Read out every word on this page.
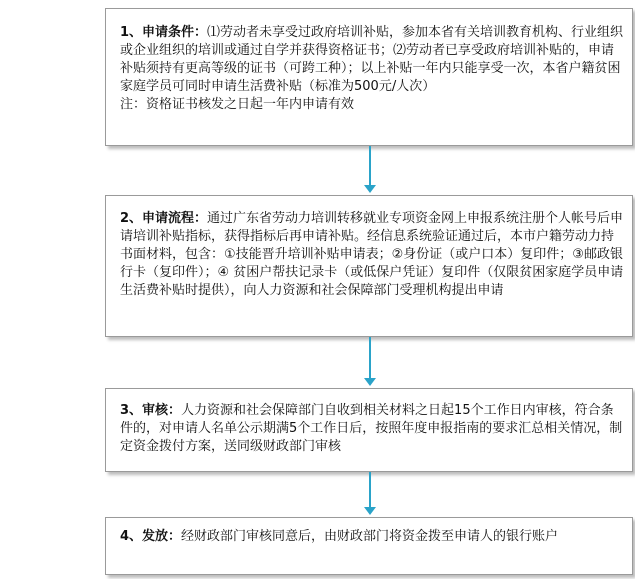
1、申请条件：⑴劳动者未享受过政府培训补贴，参加本省有关培训教育机构、行业组织或企业组织的培训或通过自学并获得资格证书；⑵劳动者已享受政府培训补贴的，申请补贴须持有更高等级的证书（可跨工种）；以上补贴一年内只能享受一次，本省户籍贫困家庭学员可同时申请生活费补贴（标准为500元/人次）
注：资格证书核发之日起一年内申请有效
2、申请流程：通过广东省劳动力培训转移就业专项资金网上申报系统注册个人帐号后申请培训补贴指标，获得指标后再申请补贴。经信息系统验证通过后，本市户籍劳动力持书面材料，包含：①技能晋升培训补贴申请表；②身份证（或户口本）复印件；③邮政银行卡（复印件）；④ 贫困户帮扶记录卡（或低保户凭证）复印件（仅限贫困家庭学员申请生活费补贴时提供），向人力资源和社会保障部门受理机构提出申请
3、审核：人力资源和社会保障部门自收到相关材料之日起15个工作日内审核，符合条件的，对申请人名单公示期满5个工作日后，按照年度申报指南的要求汇总相关情况，制定资金拨付方案，送同级财政部门审核
4、发放：经财政部门审核同意后，由财政部门将资金拨至申请人的银行账户
